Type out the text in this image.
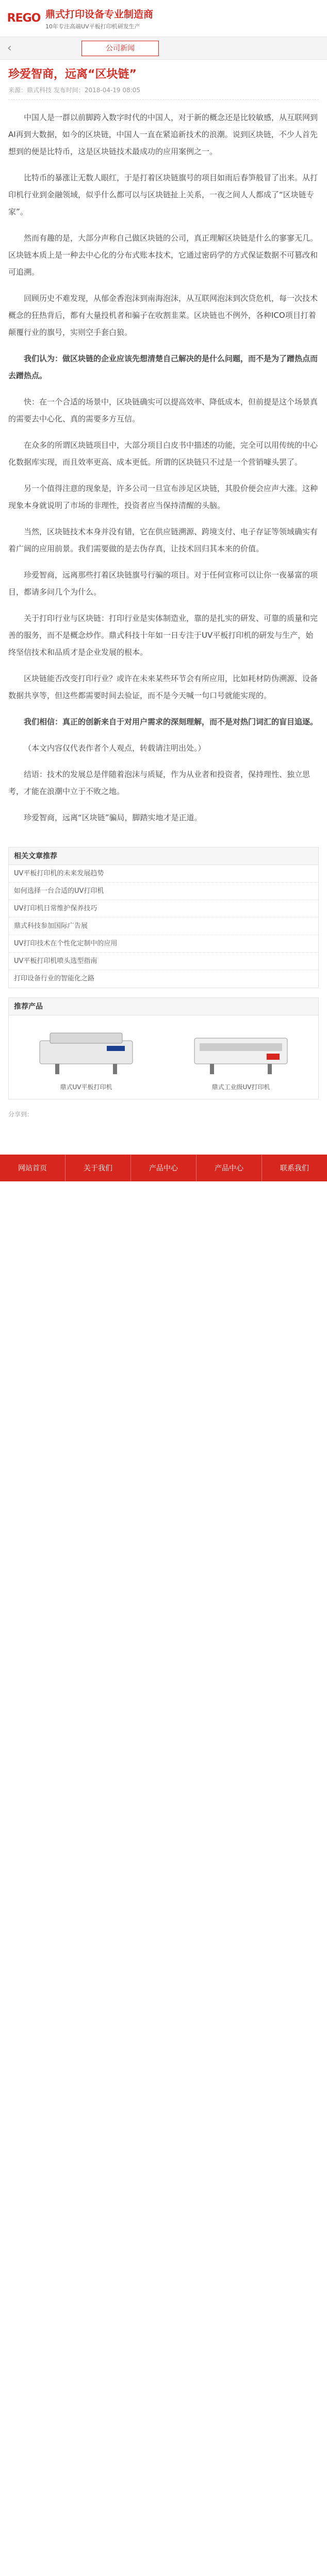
REGO 鼎式打印设备专业制造商
10年专注高端UV平板打印机研发生产
‹	公司新闻
珍爱智商，远离“区块链”
来源：鼎式科技 发布时间：2018-04-19 08:05

中国人是一群以前脚跨入数字时代的中国人，对于新的概念还是比较敏感，从互联网到AI再到大数据，如今的区块链，中国人一直在紧追新技术的浪潮。说到区块链，不少人首先想到的便是比特币，这是区块链技术最成功的应用案例之一。

比特币的暴涨让无数人眼红，于是打着区块链旗号的项目如雨后春笋般冒了出来。从打印机行业到金融领域，似乎什么都可以与区块链扯上关系，一夜之间人人都成了“区块链专家”。

然而有趣的是，大部分声称自己做区块链的公司，真正理解区块链是什么的寥寥无几。区块链本质上是一种去中心化的分布式账本技术，它通过密码学的方式保证数据不可篡改和可追溯。

回顾历史不难发现，从郁金香泡沫到南海泡沫，从互联网泡沫到次贷危机，每一次技术概念的狂热背后，都有大量投机者和骗子在收割韭菜。区块链也不例外，各种ICO项目打着颠覆行业的旗号，实则空手套白狼。

我们认为：做区块链的企业应该先想清楚自己解决的是什么问题，而不是为了蹭热点而去蹭热点。

快：在一个合适的场景中，区块链确实可以提高效率、降低成本，但前提是这个场景真的需要去中心化、真的需要多方互信。

在众多的所谓区块链项目中，大部分项目白皮书中描述的功能，完全可以用传统的中心化数据库实现，而且效率更高、成本更低。所谓的区块链只不过是一个营销噱头罢了。

另一个值得注意的现象是，许多公司一旦宣布涉足区块链，其股价便会应声大涨。这种现象本身就说明了市场的非理性，投资者应当保持清醒的头脑。

当然，区块链技术本身并没有错，它在供应链溯源、跨境支付、电子存证等领域确实有着广阔的应用前景。我们需要做的是去伪存真，让技术回归其本来的价值。

珍爱智商，远离那些打着区块链旗号行骗的项目。对于任何宣称可以让你一夜暴富的项目，都请多问几个为什么。

关于打印行业与区块链：打印行业是实体制造业，靠的是扎实的研发、可靠的质量和完善的服务，而不是概念炒作。鼎式科技十年如一日专注于UV平板打印机的研发与生产，始终坚信技术和品质才是企业发展的根本。

区块链能否改变打印行业？或许在未来某些环节会有所应用，比如耗材防伪溯源、设备数据共享等，但这些都需要时间去验证，而不是今天喊一句口号就能实现的。

我们相信：真正的创新来自于对用户需求的深刻理解，而不是对热门词汇的盲目追逐。

（本文内容仅代表作者个人观点，转载请注明出处。）

结语：技术的发展总是伴随着泡沫与质疑，作为从业者和投资者，保持理性、独立思考，才能在浪潮中立于不败之地。

珍爱智商，远离“区块链”骗局，脚踏实地才是正道。

相关文章推荐
UV平板打印机的未来发展趋势
如何选择一台合适的UV打印机
UV打印机日常维护保养技巧
鼎式科技参加国际广告展
UV打印技术在个性化定制中的应用
UV平板打印机喷头选型指南
打印设备行业的智能化之路
推荐产品
鼎式UV平板打印机	鼎式工业级UV打印机
分享到：
网站首页	关于我们	产品中心	产品中心	联系我们
